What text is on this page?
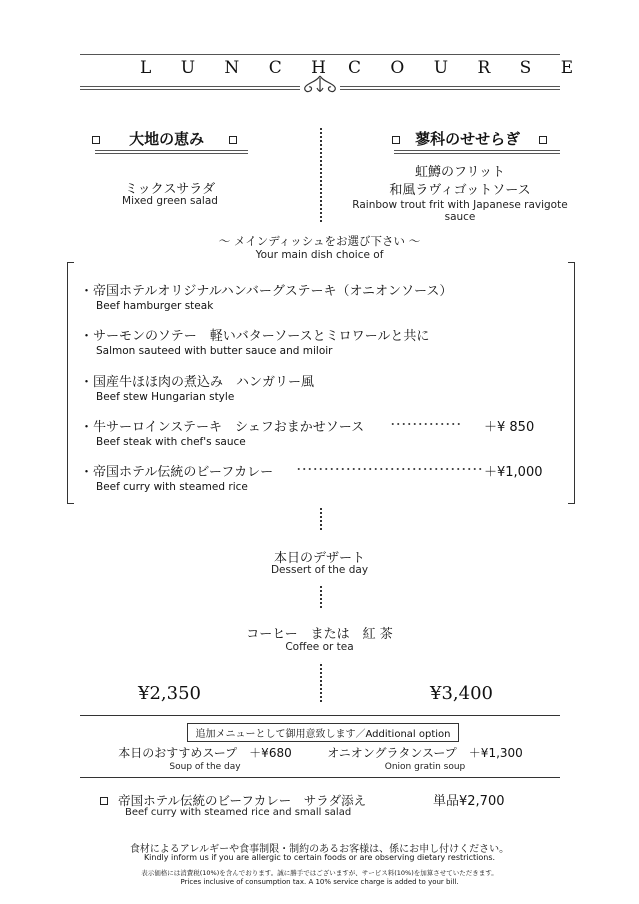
L U N C H C O U R S E
大地の恵み
ミックスサラダ
Mixed green salad
蓼科のせせらぎ
虹鱒のフリット
和風ラヴィゴットソース
Rainbow trout frit with Japanese ravigote sauce
～ メインディッシュをお選び下さい ～
Your main dish choice of
・帝国ホテルオリジナルハンバーグステーキ（オニオンソース）
Beef hamburger steak
・サーモンのソテー　軽いバターソースとミロワールと共に
Salmon sauteed with butter sauce and miloir
・国産牛ほほ肉の煮込み　ハンガリー風
Beef stew Hungarian style
・牛サーロインステーキ　シェフおまかせソース
Beef steak with chef's sauce
･････････････ ＋¥ 850
・帝国ホテル伝統のビーフカレー
Beef curry with steamed rice
･･････････････････････････････････ ＋¥1,000
本日のデザート
Dessert of the day
コーヒー　または　紅 茶
Coffee or tea
¥2,350	¥3,400
追加メニューとして御用意致します／Additional option
本日のおすすめスープ　＋¥680
Soup of the day
オニオングラタンスープ　＋¥1,300
Onion gratin soup
帝国ホテル伝統のビーフカレー　サラダ添え
Beef curry with steamed rice and small salad
単品¥2,700
食材によるアレルギーや食事制限・制約のあるお客様は、係にお申し付けください。
Kindly inform us if you are allergic to certain foods or are observing dietary restrictions.
表示価格には消費税(10%)を含んでおります。誠に勝手ではございますが、サービス料(10%)を加算させていただきます。
Prices inclusive of consumption tax. A 10% service charge is added to your bill.
